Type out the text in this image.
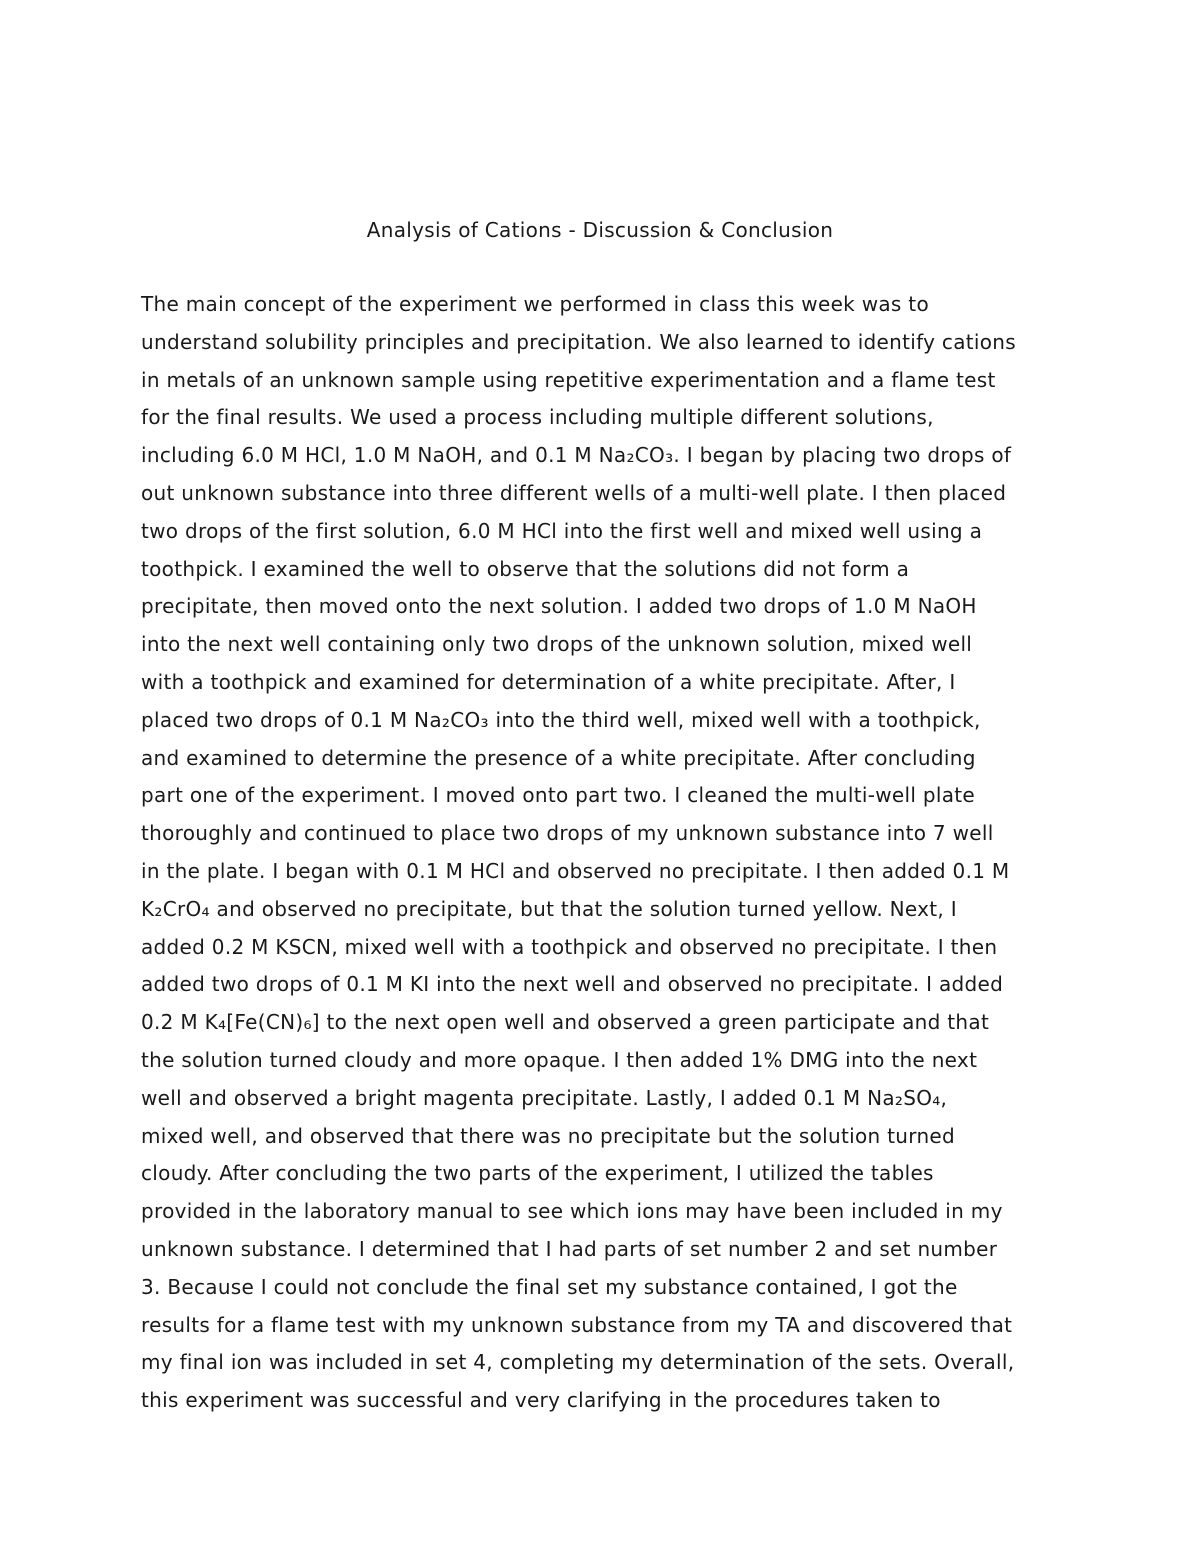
Analysis of Cations - Discussion & Conclusion
The main concept of the experiment we performed in class this week was to
understand solubility principles and precipitation. We also learned to identify cations
in metals of an unknown sample using repetitive experimentation and a flame test
for the final results. We used a process including multiple different solutions,
including 6.0 M HCl, 1.0 M NaOH, and 0.1 M Na₂CO₃. I began by placing two drops of
out unknown substance into three different wells of a multi-well plate. I then placed
two drops of the first solution, 6.0 M HCl into the first well and mixed well using a
toothpick. I examined the well to observe that the solutions did not form a
precipitate, then moved onto the next solution. I added two drops of 1.0 M NaOH
into the next well containing only two drops of the unknown solution, mixed well
with a toothpick and examined for determination of a white precipitate. After, I
placed two drops of 0.1 M Na₂CO₃ into the third well, mixed well with a toothpick,
and examined to determine the presence of a white precipitate. After concluding
part one of the experiment. I moved onto part two. I cleaned the multi-well plate
thoroughly and continued to place two drops of my unknown substance into 7 well
in the plate. I began with 0.1 M HCl and observed no precipitate. I then added 0.1 M
K₂CrO₄ and observed no precipitate, but that the solution turned yellow. Next, I
added 0.2 M KSCN, mixed well with a toothpick and observed no precipitate. I then
added two drops of 0.1 M KI into the next well and observed no precipitate. I added
0.2 M K₄[Fe(CN)₆] to the next open well and observed a green participate and that
the solution turned cloudy and more opaque. I then added 1% DMG into the next
well and observed a bright magenta precipitate. Lastly, I added 0.1 M Na₂SO₄,
mixed well, and observed that there was no precipitate but the solution turned
cloudy. After concluding the two parts of the experiment, I utilized the tables
provided in the laboratory manual to see which ions may have been included in my
unknown substance. I determined that I had parts of set number 2 and set number
3. Because I could not conclude the final set my substance contained, I got the
results for a flame test with my unknown substance from my TA and discovered that
my final ion was included in set 4, completing my determination of the sets. Overall,
this experiment was successful and very clarifying in the procedures taken to
